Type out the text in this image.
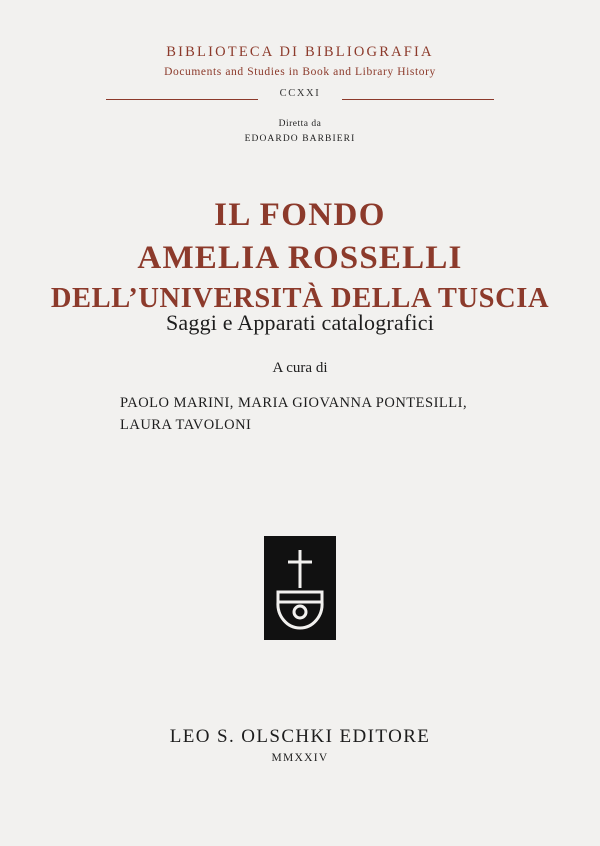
BIBLIOTECA DI BIBLIOGRAFIA
Documents and Studies in Book and Library History
CCXXI
Diretta da
EDOARDO BARBIERI
IL FONDO
AMELIA ROSSELLI
DELL’UNIVERSITÀ DELLA TUSCIA
Saggi e Apparati catalografici
A cura di
PAOLO MARINI, MARIA GIOVANNA PONTESILLI,
LAURA TAVOLONI
LEO S. OLSCHKI EDITORE
MMXXIV
